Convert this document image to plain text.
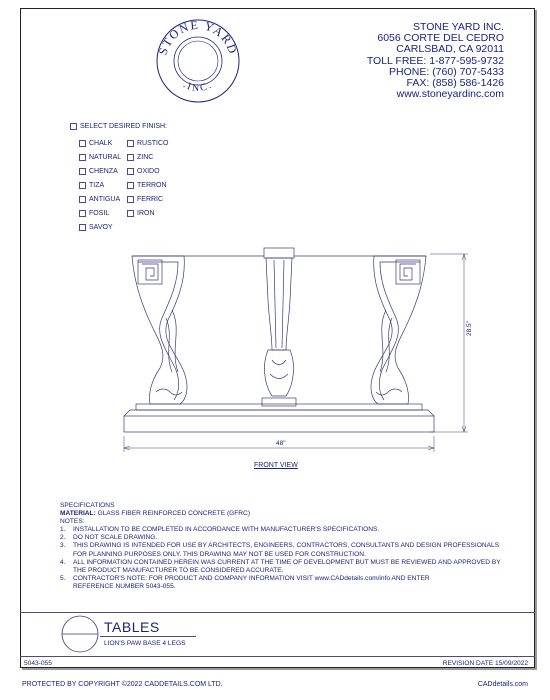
STONE YARD
.INC.
STONE YARD INC.
6056 CORTE DEL CEDRO
CARLSBAD, CA 92011
TOLL FREE: 1-877-595-9732
PHONE: (760) 707-5433
FAX: (858) 586-1426
www.stoneyardinc.com
SELECT DESIRED FINISH:
CHALK
NATURAL
CHENZA
TIZA
ANTIGUA
FOSIL
SAVOY
RUSTICO
ZINC
OXIDO
TERRON
FERRIC
IRON
28.5"
48"
FRONT VIEW
SPECIFICATIONS
MATERIAL: GLASS FIBER REINFORCED CONCRETE (GFRC)
NOTES:
1.	INSTALLATION TO BE COMPLETED IN ACCORDANCE WITH MANUFACTURER'S SPECIFICATIONS.
2.	DO NOT SCALE DRAWING.
3.	THIS DRAWING IS INTENDED FOR USE BY ARCHITECTS, ENGINEERS, CONTRACTORS, CONSULTANTS AND DESIGN PROFESSIONALS
FOR PLANNING PURPOSES ONLY. THIS DRAWING MAY NOT BE USED FOR CONSTRUCTION.
4.	ALL INFORMATION CONTAINED HEREIN WAS CURRENT AT THE TIME OF DEVELOPMENT BUT MUST BE REVIEWED AND APPROVED BY
THE PRODUCT MANUFACTURER TO BE CONSIDERED ACCURATE.
5.	CONTRACTOR'S NOTE: FOR PRODUCT AND COMPANY INFORMATION VISIT www.CADdetails.com/info AND ENTER
REFERENCE NUMBER 5043-055.
TABLES
LION'S PAW BASE 4 LEGS
5043-055	REVISION DATE 15/09/2022
PROTECTED BY COPYRIGHT ©2022 CADDETAILS.COM LTD.	CADdetails.com
